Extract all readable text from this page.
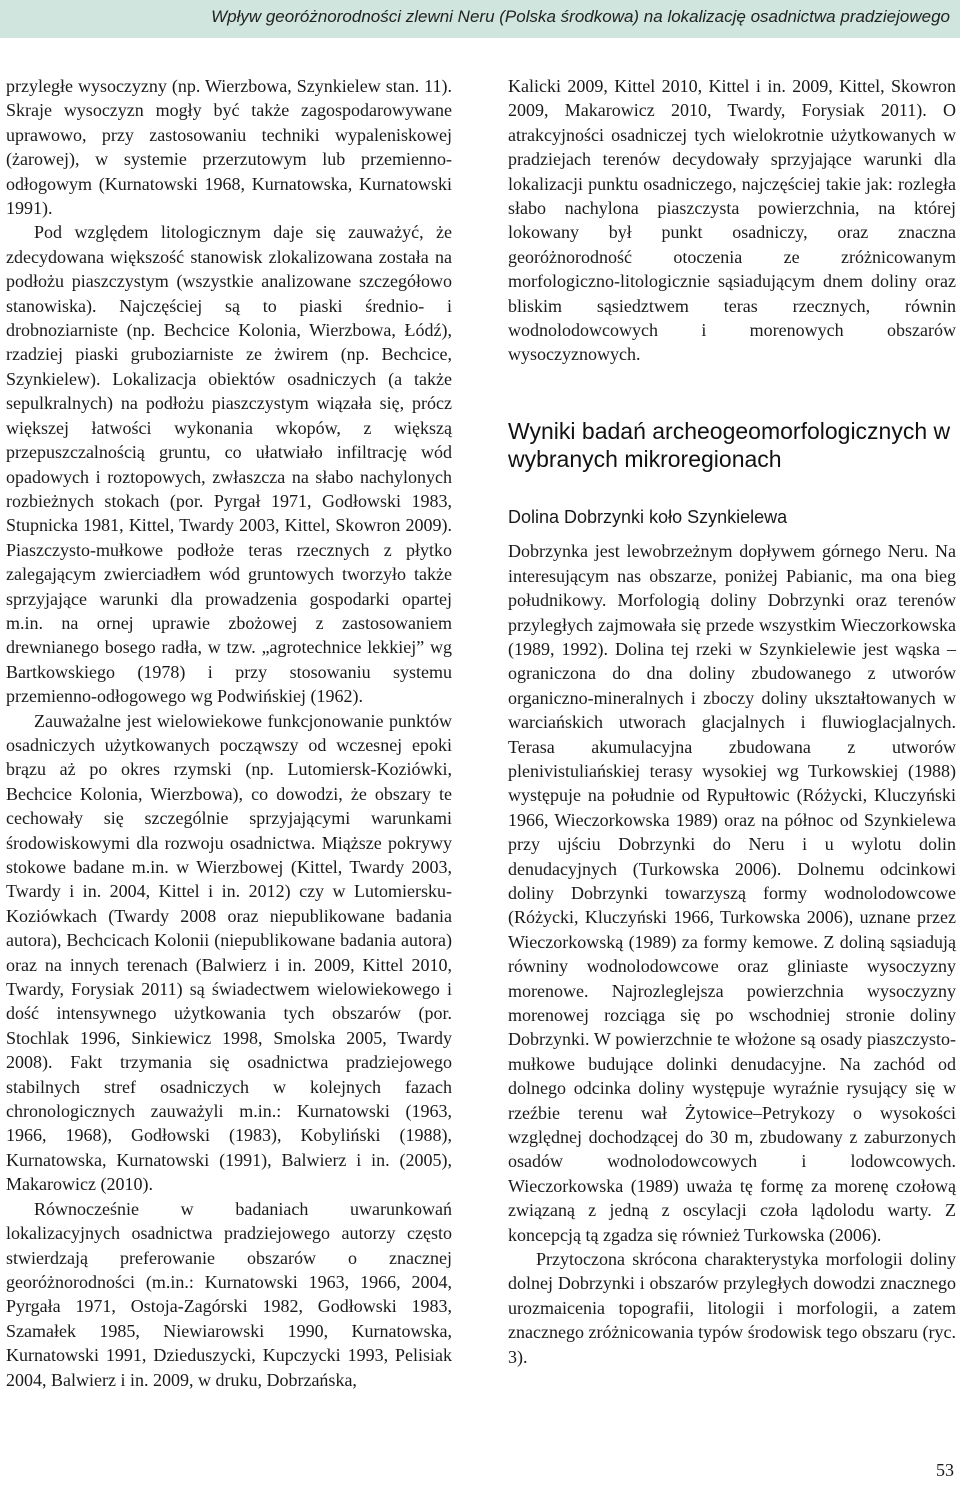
Wpływ georóżnorodności zlewni Neru (Polska środkowa) na lokalizację osadnictwa pradziejowego

przyległe wysoczyzny (np. Wierzbowa, Szynkielew stan. 11). Skraje wysoczyzn mogły być także zagospodarowywane uprawowo, przy zastosowaniu techniki wypaleniskowej (żarowej), w systemie przerzutowym lub przemienno-odłogowym (Kurnatowski 1968, Kurnatowska, Kurnatowski 1991).

Pod względem litologicznym daje się zauważyć, że zdecydowana większość stanowisk zlokalizowana została na podłożu piaszczystym (wszystkie analizowane szczegółowo stanowiska). Najczęściej są to piaski średnio- i drobnoziarniste (np. Bechcice Kolonia, Wierzbowa, Łódź), rzadziej piaski gruboziarniste ze żwirem (np. Bechcice, Szynkielew). Lokalizacja obiektów osadniczych (a także sepulkralnych) na podłożu piaszczystym wiązała się, prócz większej łatwości wykonania wkopów, z większą przepuszczalnością gruntu, co ułatwiało infiltrację wód opadowych i roztopowych, zwłaszcza na słabo nachylonych rozbieżnych stokach (por. Pyrgał 1971, Godłowski 1983, Stupnicka 1981, Kittel, Twardy 2003, Kittel, Skowron 2009). Piaszczysto-mułkowe podłoże teras rzecznych z płytko zalegającym zwierciadłem wód gruntowych tworzyło także sprzyjające warunki dla prowadzenia gospodarki opartej m.in. na ornej uprawie zbożowej z zastosowaniem drewnianego bosego radła, w tzw. „agrotechnice lekkiej” wg Bartkowskiego (1978) i przy stosowaniu systemu przemienno-odłogowego wg Podwińskiej (1962).

Zauważalne jest wielowiekowe funkcjonowanie punktów osadniczych użytkowanych począwszy od wczesnej epoki brązu aż po okres rzymski (np. Lutomiersk-Koziówki, Bechcice Kolonia, Wierzbowa), co dowodzi, że obszary te cechowały się szczególnie sprzyjającymi warunkami środowiskowymi dla rozwoju osadnictwa. Miąższe pokrywy stokowe badane m.in. w Wierzbowej (Kittel, Twardy 2003, Twardy i in. 2004, Kittel i in. 2012) czy w Lutomiersku-Koziówkach (Twardy 2008 oraz niepublikowane badania autora), Bechcicach Kolonii (niepublikowane badania autora) oraz na innych terenach (Balwierz i in. 2009, Kittel 2010, Twardy, Forysiak 2011) są świadectwem wielowiekowego i dość intensywnego użytkowania tych obszarów (por. Stochlak 1996, Sinkiewicz 1998, Smolska 2005, Twardy 2008). Fakt trzymania się osadnictwa pradziejowego stabilnych stref osadniczych w kolejnych fazach chronologicznych zauważyli m.in.: Kurnatowski (1963, 1966, 1968), Godłowski (1983), Kobyliński (1988), Kurnatowska, Kurnatowski (1991), Balwierz i in. (2005), Makarowicz (2010).

Równocześnie w badaniach uwarunkowań lokalizacyjnych osadnictwa pradziejowego autorzy często stwierdzają preferowanie obszarów o znacznej georóżnorodności (m.in.: Kurnatowski 1963, 1966, 2004, Pyrgała 1971, Ostoja-Zagórski 1982, Godłowski 1983, Szamałek 1985, Niewiarowski 1990, Kurnatowska, Kurnatowski 1991, Dzieduszycki, Kupczycki 1993, Pelisiak 2004, Balwierz i in. 2009, w druku, Dobrzańska,

Kalicki 2009, Kittel 2010, Kittel i in. 2009, Kittel, Skowron 2009, Makarowicz 2010, Twardy, Forysiak 2011). O atrakcyjności osadniczej tych wielokrotnie użytkowanych w pradziejach terenów decydowały sprzyjające warunki dla lokalizacji punktu osadniczego, najczęściej takie jak: rozległa słabo nachylona piaszczysta powierzchnia, na której lokowany był punkt osadniczy, oraz znaczna georóżnorodność otoczenia ze zróżnicowanym morfologiczno-litologicznie sąsiadującym dnem doliny oraz bliskim sąsiedztwem teras rzecznych, równin wodnolodowcowych i morenowych obszarów wysoczyznowych.

Wyniki badań archeogeomorfologicznych w wybranych mikroregionach
Dolina Dobrzynki koło Szynkielewa

Dobrzynka jest lewobrzeżnym dopływem górnego Neru. Na interesującym nas obszarze, poniżej Pabianic, ma ona bieg południkowy. Morfologią doliny Dobrzynki oraz terenów przyległych zajmowała się przede wszystkim Wieczorkowska (1989, 1992). Dolina tej rzeki w Szynkielewie jest wąska – ograniczona do dna doliny zbudowanego z utworów organiczno-mineralnych i zboczy doliny ukształtowanych w warciańskich utworach glacjalnych i fluwioglacjalnych. Terasa akumulacyjna zbudowana z utworów plenivistuliańskiej terasy wysokiej wg Turkowskiej (1988) występuje na południe od Rypułtowic (Różycki, Kluczyński 1966, Wieczorkowska 1989) oraz na północ od Szynkielewa przy ujściu Dobrzynki do Neru i u wylotu dolin denudacyjnych (Turkowska 2006). Dolnemu odcinkowi doliny Dobrzynki towarzyszą formy wodnolodowcowe (Różycki, Kluczyński 1966, Turkowska 2006), uznane przez Wieczorkowską (1989) za formy kemowe. Z doliną sąsiadują równiny wodnolodowcowe oraz gliniaste wysoczyzny morenowe. Najrozleglejsza powierzchnia wysoczyzny morenowej rozciąga się po wschodniej stronie doliny Dobrzynki. W powierzchnie te włożone są osady piaszczysto-mułkowe budujące dolinki denudacyjne. Na zachód od dolnego odcinka doliny występuje wyraźnie rysujący się w rzeźbie terenu wał Żytowice–Petrykozy o wysokości względnej dochodzącej do 30 m, zbudowany z zaburzonych osadów wodnolodowcowych i lodowcowych. Wieczorkowska (1989) uważa tę formę za morenę czołową związaną z jedną z oscylacji czoła lądolodu warty. Z koncepcją tą zgadza się również Turkowska (2006).

Przytoczona skrócona charakterystyka morfologii doliny dolnej Dobrzynki i obszarów przyległych dowodzi znacznego urozmaicenia topografii, litologii i morfologii, a zatem znacznego zróżnicowania typów środowisk tego obszaru (ryc. 3).

53
